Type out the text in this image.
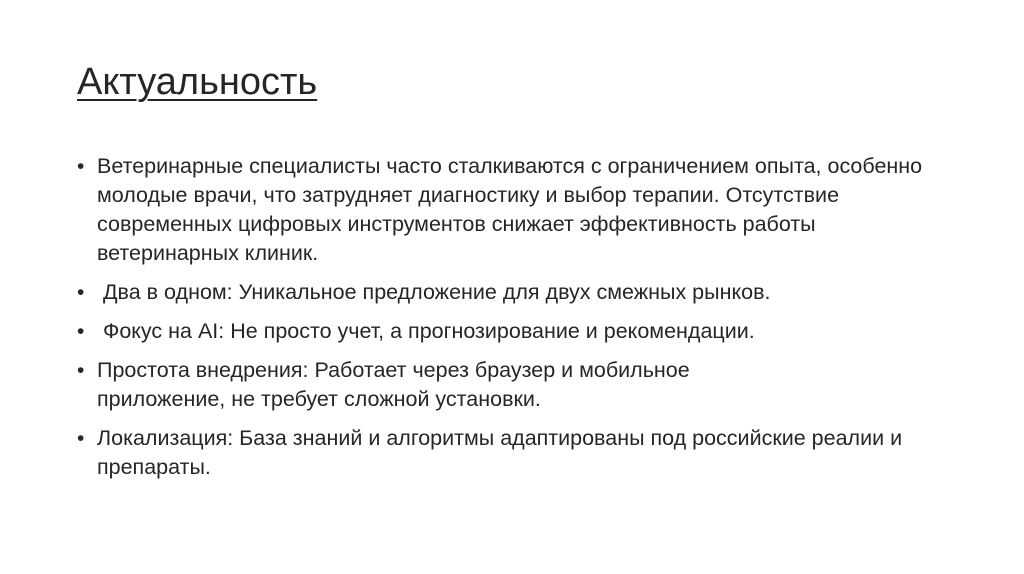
Актуальность
• Ветеринарные специалисты часто сталкиваются с ограничением опыта, особенно молодые врачи, что затрудняет диагностику и выбор терапии. Отсутствие современных цифровых инструментов снижает эффективность работы ветеринарных клиник.
• Два в одном: Уникальное предложение для двух смежных рынков.
• Фокус на AI: Не просто учет, а прогнозирование и рекомендации.
• Простота внедрения: Работает через браузер и мобильное приложение, не требует сложной установки.
• Локализация: База знаний и алгоритмы адаптированы под российские реалии и препараты.
